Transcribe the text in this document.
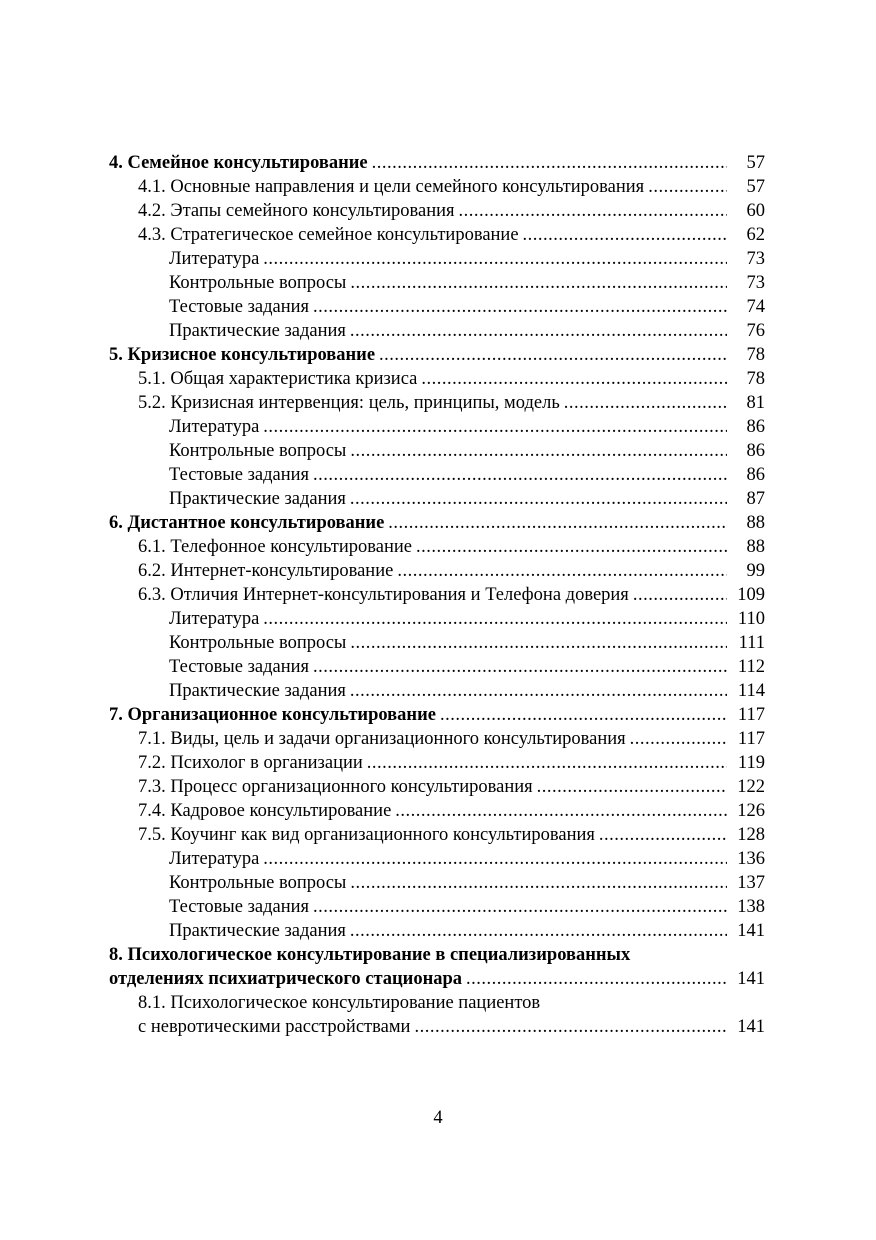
4. Семейное консультирование .....	57
4.1. Основные направления и цели семейного консультирования .....	57
4.2. Этапы семейного консультирования .....	60
4.3. Стратегическое семейное консультирование .....	62
Литература .....	73
Контрольные вопросы .....	73
Тестовые задания .....	74
Практические задания .....	76
5. Кризисное консультирование .....	78
5.1. Общая характеристика кризиса .....	78
5.2. Кризисная интервенция: цель, принципы, модель .....	81
Литература .....	86
Контрольные вопросы .....	86
Тестовые задания .....	86
Практические задания .....	87
6. Дистантное консультирование .....	88
6.1. Телефонное консультирование .....	88
6.2. Интернет-консультирование .....	99
6.3. Отличия Интернет-консультирования и Телефона доверия .....	109
Литература .....	110
Контрольные вопросы .....	111
Тестовые задания .....	112
Практические задания .....	114
7. Организационное консультирование .....	117
7.1. Виды, цель и задачи организационного консультирования .....	117
7.2. Психолог в организации .....	119
7.3. Процесс организационного консультирования .....	122
7.4. Кадровое консультирование .....	126
7.5. Коучинг как вид организационного консультирования .....	128
Литература .....	136
Контрольные вопросы .....	137
Тестовые задания .....	138
Практические задания .....	141
8. Психологическое консультирование в специализированных
отделениях психиатрического стационара .....	141
8.1. Психологическое консультирование пациентов
с невротическими расстройствами .....	141
4
